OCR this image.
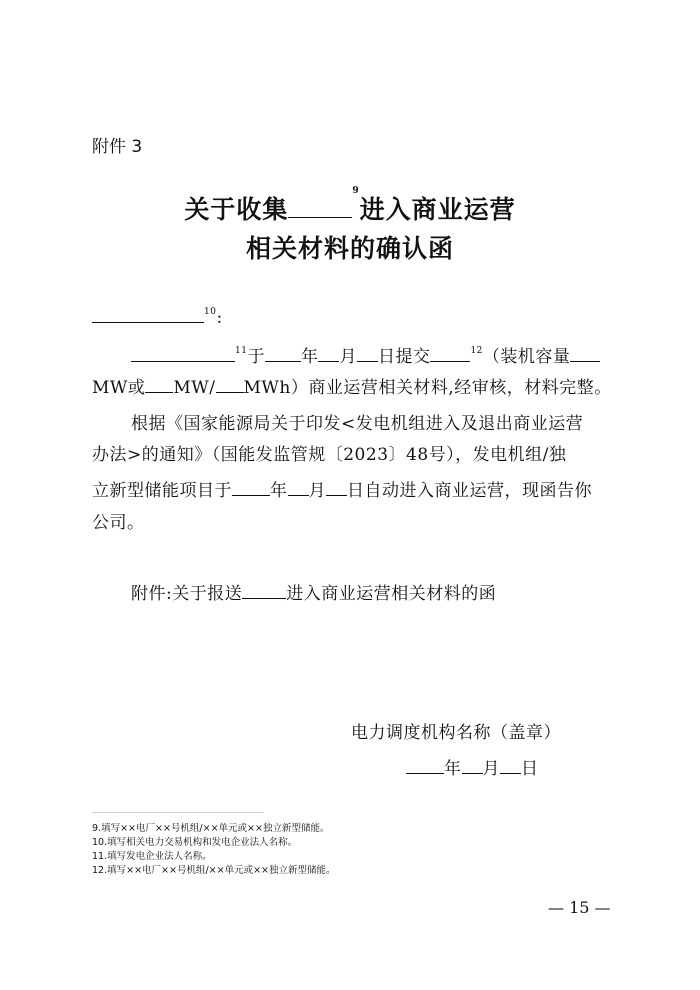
附件 3
关于收集$^9$进入商业运营
相关材料的确认函
$^{10}$:
$^{11}$于 年 月 日提交	$^{12}$（装机容量
MW或 MW/ MWh）商业运营相关材料,经审核，材料完整。
根据《国家能源局关于印发<发电机组进入及退出商业运营
办法>的通知》（国能发监管规〔2023〕48号），发电机组/独
立新型储能项目于 年 月 日自动进入商业运营，现函告你
公司。
附件:关于报送	进入商业运营相关材料的函
电力调度机构名称（盖章）
年 月 日
9.填写××电厂××号机组/××单元或××独立新型储能。
10.填写相关电力交易机构和发电企业法人名称。
11.填写发电企业法人名称。
12.填写××电厂××号机组/××单元或××独立新型储能。
— 15 —
